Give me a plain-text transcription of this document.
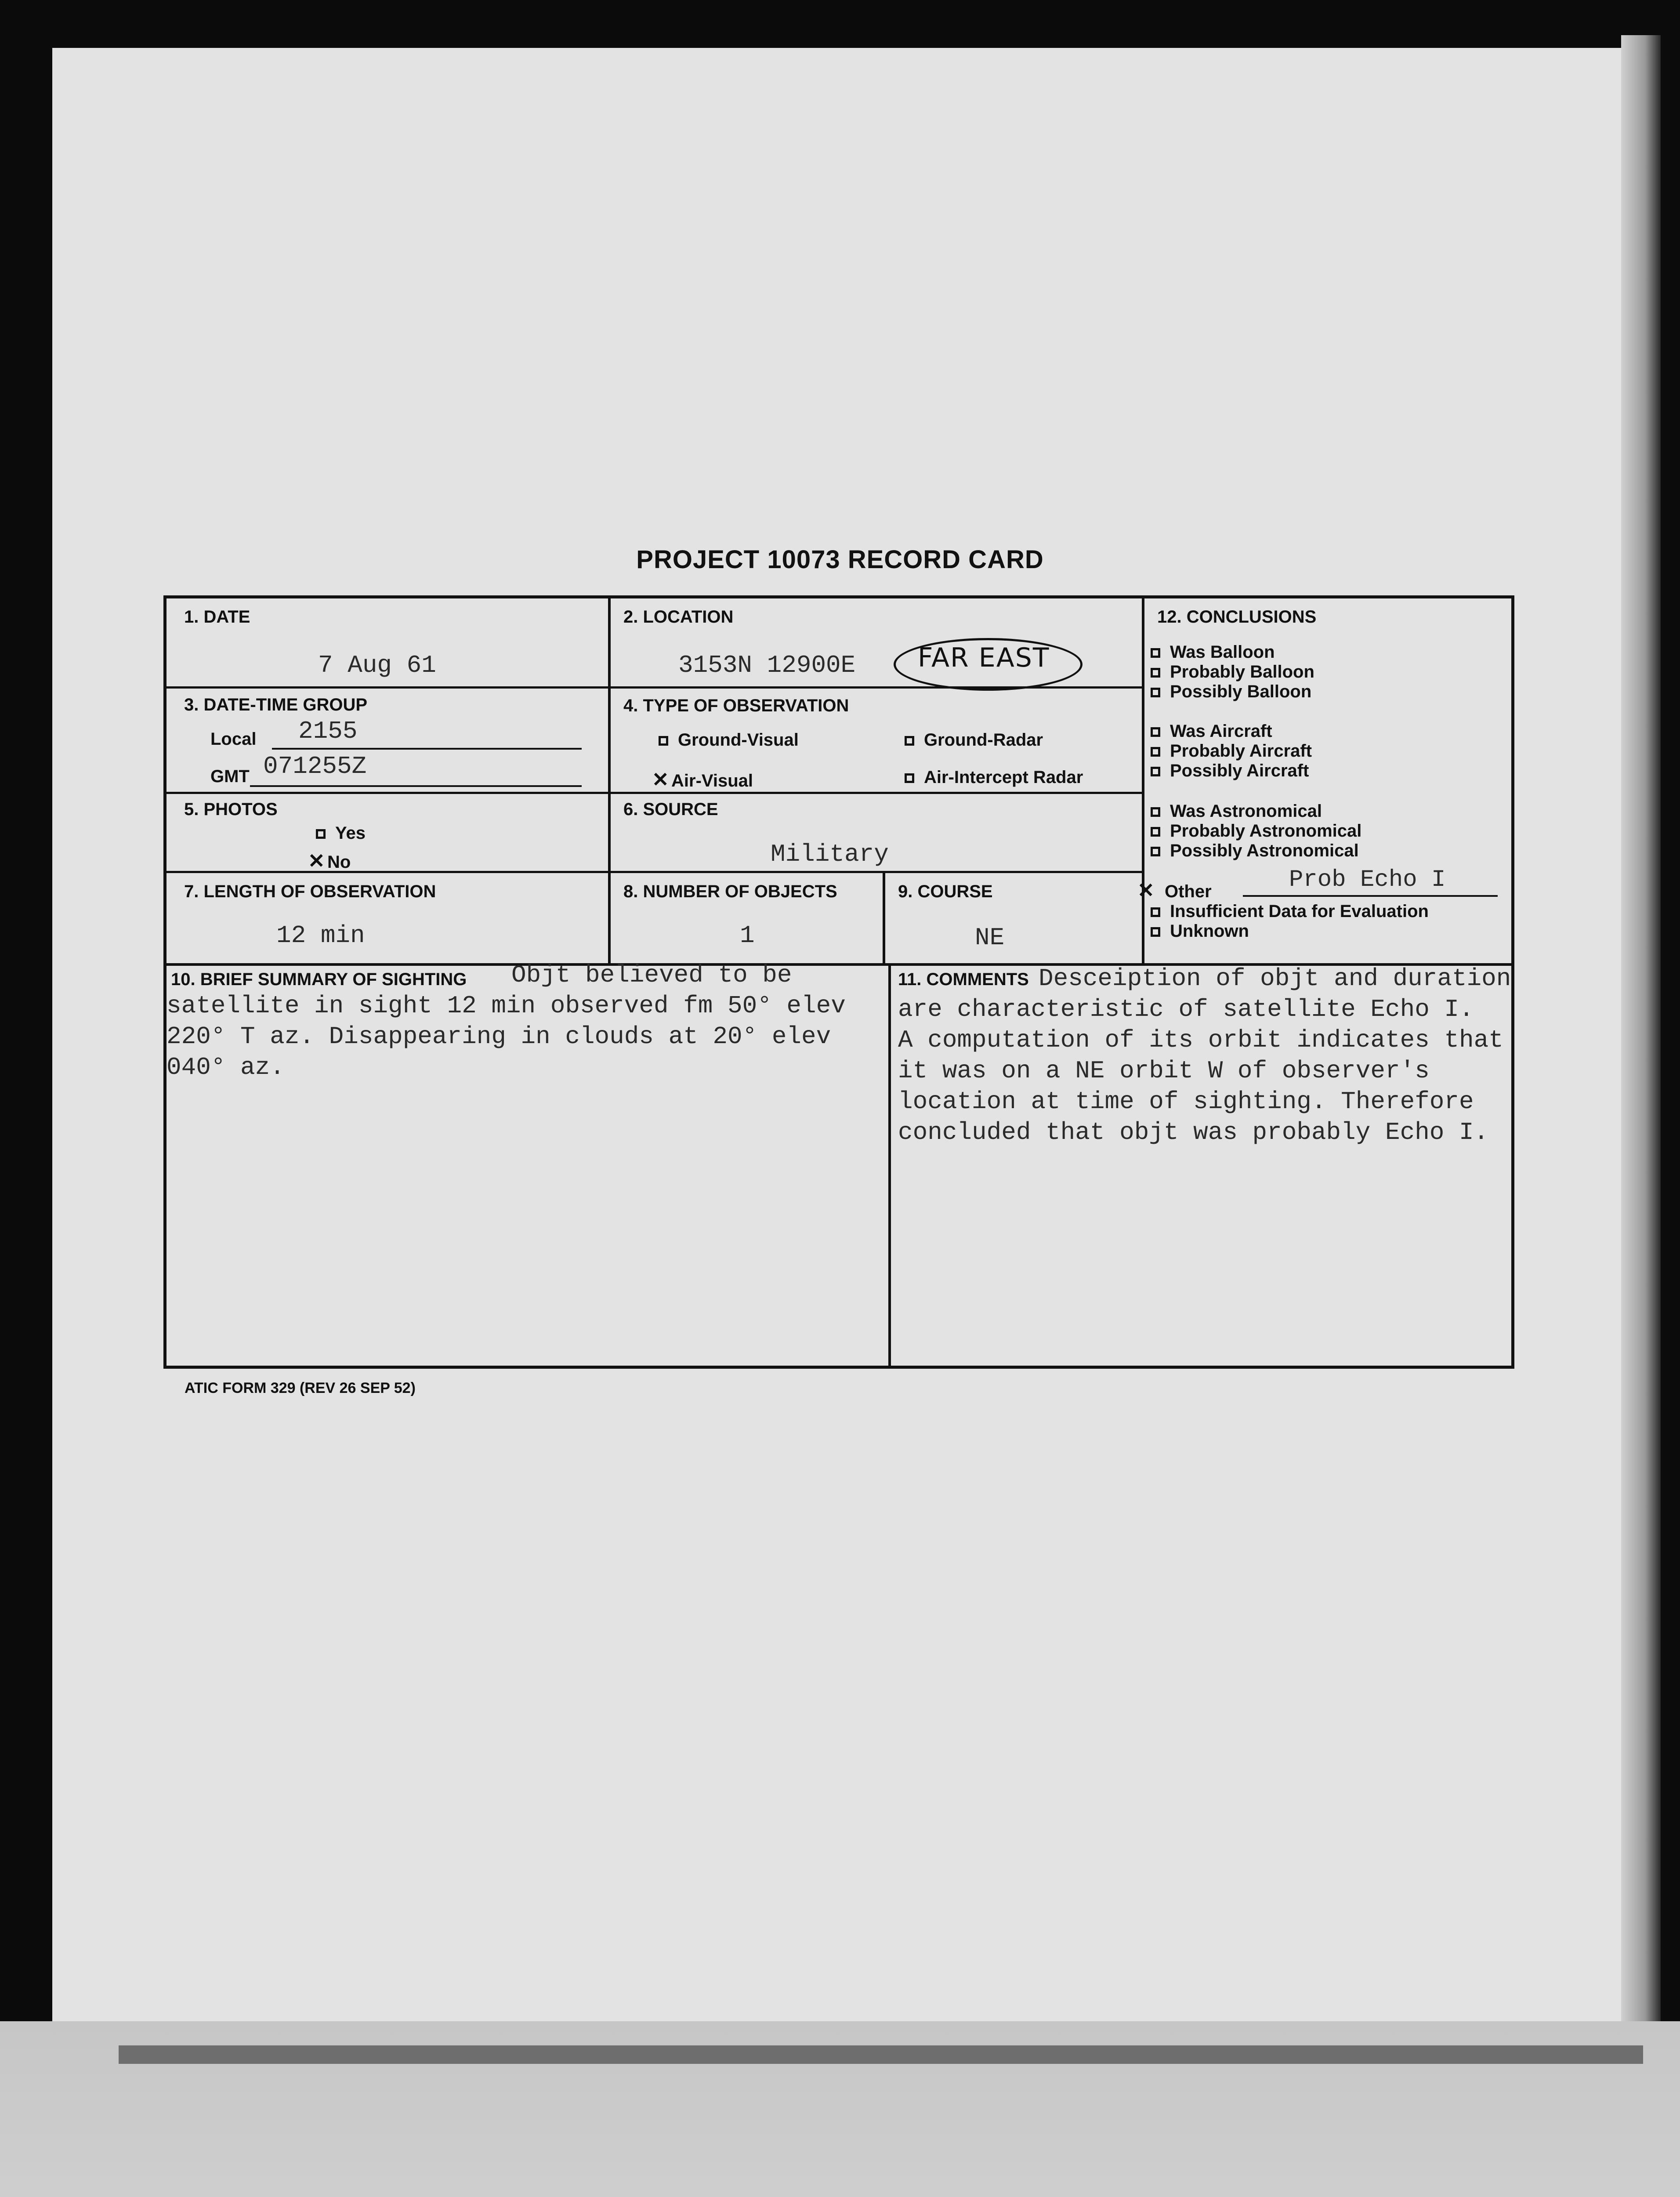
PROJECT 10073 RECORD CARD
1. DATE
7 Aug 61
2. LOCATION
3153N 12900E FAR EAST
3. DATE-TIME GROUP
Local 2155
GMT 071255Z
4. TYPE OF OBSERVATION
Ground-Visual	Ground-Radar
✕ Air-Visual	Air-Intercept Radar
5. PHOTOS
Yes
✕ No
6. SOURCE
Military
7. LENGTH OF OBSERVATION
12 min
8. NUMBER OF OBJECTS
1
9. COURSE
NE
12. CONCLUSIONS
Was Balloon
Probably Balloon
Possibly Balloon
Was Aircraft
Probably Aircraft
Possibly Aircraft
Was Astronomical
Probably Astronomical
Possibly Astronomical
✕ Other	Prob Echo I
Insufficient Data for Evaluation
Unknown
10. BRIEF SUMMARY OF SIGHTING Objt believed to be
satellite in sight 12 min observed fm 50° elev
220° T az. Disappearing in clouds at 20° elev
040° az.
11. COMMENTS Desceiption of objt and duration
are characteristic of satellite Echo I.
A computation of its orbit indicates that
it was on a NE orbit W of observer's
location at time of sighting. Therefore
concluded that objt was probably Echo I.
ATIC FORM 329 (REV 26 SEP 52)
